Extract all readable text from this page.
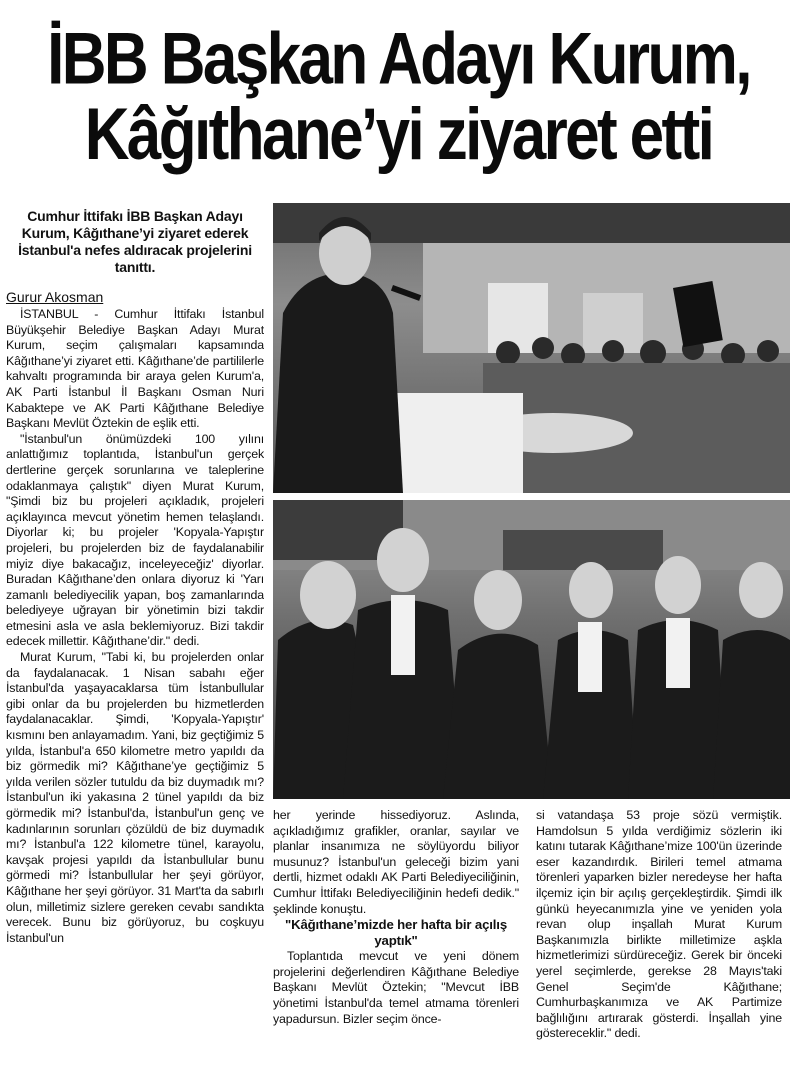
İBB Başkan Adayı Kurum,
Kâğıthane’yi ziyaret etti

Cumhur İttifakı İBB Başkan Adayı Kurum, Kâğıthane’yi ziyaret ederek İstanbul'a nefes aldıracak projelerini tanıttı.

Gurur Akosman

İSTANBUL - Cumhur İttifakı İstanbul Büyükşehir Belediye Başkan Adayı Murat Kurum, seçim çalışmaları kapsamında Kâğıthane’yi ziyaret etti. Kâğıthane’de partililerle kahvaltı programında bir araya gelen Kurum'a, AK Parti İstanbul İl Başkanı Osman Nuri Kabaktepe ve AK Parti Kâğıthane Belediye Başkanı Mevlüt Öztekin de eşlik etti.

"İstanbul'un önümüzdeki 100 yılını anlattığımız toplantıda, İstanbul'un gerçek dertlerine gerçek sorunlarına ve taleplerine odaklanmaya çalıştık" diyen Murat Kurum, "Şimdi biz bu projeleri açıkladık, projeleri açıklayınca mevcut yönetim hemen telaşlandı. Diyorlar ki; bu projeler 'Kopyala-Yapıştır projeleri, bu projelerden biz de faydalanabilir miyiz diye bakacağız, inceleyeceğiz' diyorlar. Buradan Kâğıthane’den onlara diyoruz ki 'Yarı zamanlı belediyecilik yapan, boş zamanlarında belediyeye uğrayan bir yönetimin bizi takdir etmesini asla ve asla beklemiyoruz. Bizi takdir edecek millettir. Kâğıthane’dir." dedi.

Murat Kurum, "Tabi ki, bu projelerden onlar da faydalanacak. 1 Nisan sabahı eğer İstanbul'da yaşayacaklarsa tüm İstanbullular gibi onlar da bu projelerden bu hizmetlerden faydalanacaklar. Şimdi, 'Kopyala-Yapıştır' kısmını ben anlayamadım. Yani, biz geçtiğimiz 5 yılda, İstanbul'a 650 kilometre metro yapıldı da biz görmedik mi? Kâğıthane’ye geçtiğimiz 5 yılda verilen sözler tutuldu da biz duymadık mı? İstanbul'un iki yakasına 2 tünel yapıldı da biz görmedik mi? İstanbul'da, İstanbul'un genç ve kadınlarının sorunları çözüldü de biz duymadık mı? İstanbul'a 122 kilometre tünel, karayolu, kavşak projesi yapıldı da İstanbullular bunu görmedi mi? İstanbullular her şeyi görüyor, Kâğıthane her şeyi görüyor. 31 Mart'ta da sabırlı olun, milletimiz sizlere gereken cevabı sandıkta verecek. Bunu biz görüyoruz, bu coşkuyu İstanbul'un

her yerinde hissediyoruz. Aslında, açıkladığımız grafikler, oranlar, sayılar ve planlar insanımıza ne söylüyordu biliyor musunuz? İstanbul'un geleceği bizim yani dertli, hizmet odaklı AK Parti Belediyeciliğinin, Cumhur İttifakı Belediyeciliğinin hedefi dedik." şeklinde konuştu.

"Kâğıthane’mizde her hafta bir açılış yaptık"

Toplantıda mevcut ve yeni dönem projelerini değerlendiren Kâğıthane Belediye Başkanı Mevlüt Öztekin; "Mevcut İBB yönetimi İstanbul'da temel atmama törenleri yapadursun. Bizler seçim önce-

si vatandaşa 53 proje sözü vermiştik. Hamdolsun 5 yılda verdiğimiz sözlerin iki katını tutarak Kâğıthane’mize 100'ün üzerinde eser kazandırdık. Birileri temel atmama törenleri yaparken bizler neredeyse her hafta ilçemiz için bir açılış gerçekleştirdik. Şimdi ilk günkü heyecanımızla yine ve yeniden yola revan olup inşallah Murat Kurum Başkanımızla birlikte milletimize aşkla hizmetlerimizi sürdüreceğiz. Gerek bir önceki yerel seçimlerde, gerekse 28 Mayıs'taki Genel Seçim'de Kâğıthane; Cumhurbaşkanımıza ve AK Partimize bağlılığını artırarak gösterdi. İnşallah yine göstereceklir." dedi.
